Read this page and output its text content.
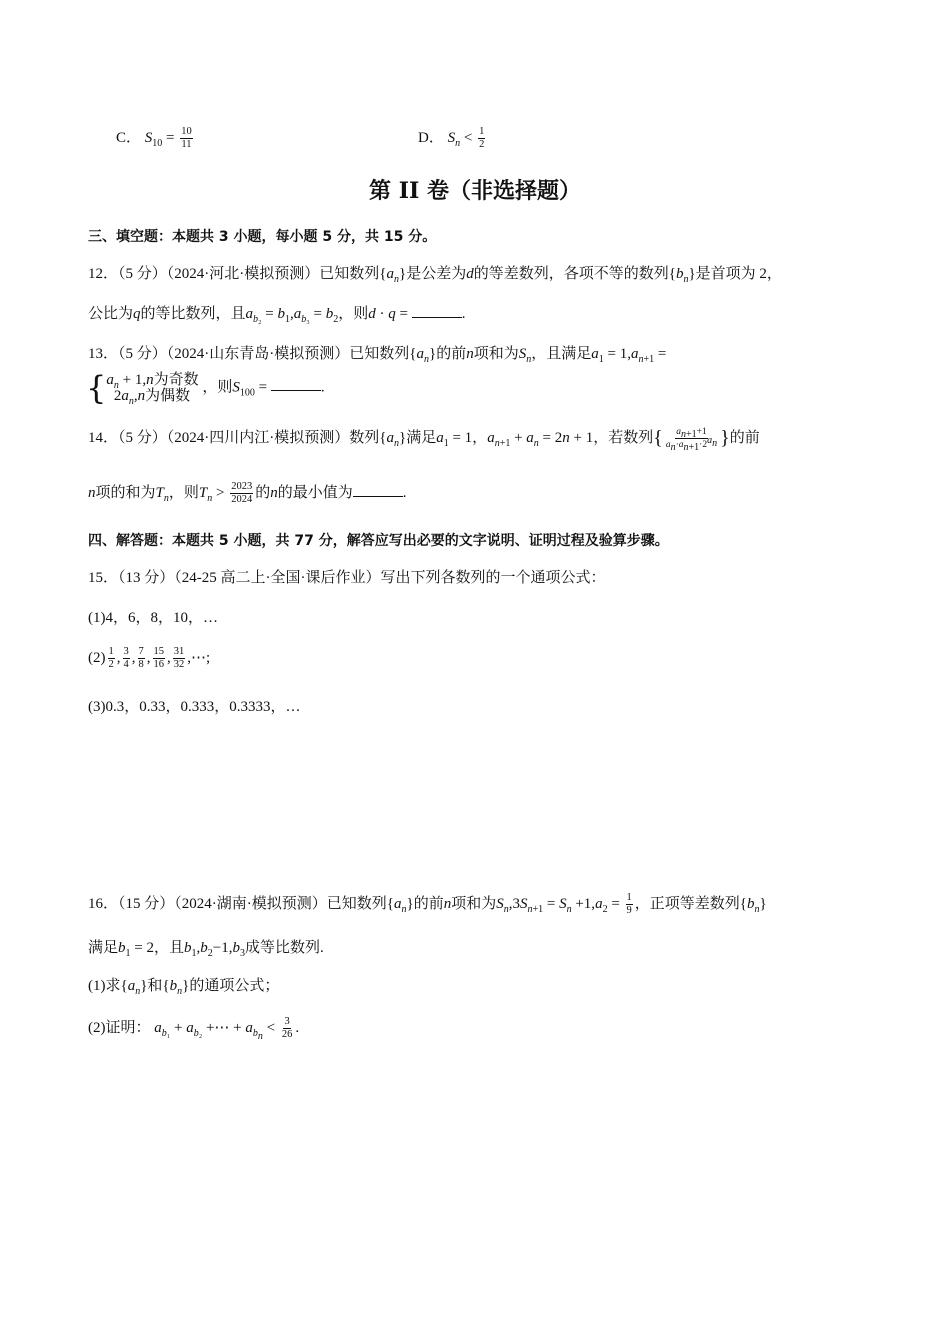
C． $S_{10} = \frac{10}{11}$	D． $S_n < \frac{1}{2}$
第 II 卷（非选择题）
三、填空题：本题共 3 小题，每小题 5 分，共 15 分。
12．（5 分）（2024·河北·模拟预测）已知数列$\{a_n\}$是公差为d的等差数列，各项不等的数列$\{b_n\}$是首项为 2，
公比为q的等比数列，且$a_{b_2} = b_1,a_{b_3} = b_2$，则d · q =	.
13．（5 分）（2024·山东青岛·模拟预测）已知数列$\{a_n\}$的前n项和为$S_n$，且满足$a_1 = 1,a_{n+1}$ =
{ $a_n + 1,n$为奇数
$2a_n,n$为偶数
，则$S_{100}$ =	.
14．（5 分）（2024·四川内江·模拟预测）数列$\{a_n\}$满足$a_1 = 1$，$a_{n+1} + a_n = 2n + 1$，若数列{ $\frac{a_{n+1}+1}{a_n\cdot a_{n+1}\cdot 2^{a_n}}$ }的前
n项的和为$T_n$，则$T_n > \frac{2023}{2024}$ 的n的最小值为	.
四、解答题：本题共 5 小题，共 77 分，解答应写出必要的文字说明、证明过程及验算步骤。
15．（13 分）（24-25 高二上·全国·课后作业）写出下列各数列的一个通项公式：
(1)4，6，8，10，…
$(2) \frac{1}{2}$ , $\frac{3}{4}$ , $\frac{7}{8}$ , $\frac{15}{16}$ , $\frac{31}{32}$ ,⋯;
(3)0.3，0.33，0.333，0.3333，…
16．（15 分）（2024·湖南·模拟预测）已知数列$\{a_n\}$的前n项和为$S_n,3S_{n+1} = S_n +1,a_2 = \frac{1}{9}$ ，正项等差数列$\{b_n\}$
满足$b_1 = 2$，且$b_1,b_2-1,b_3$成等比数列.
(1)求$\{a_n\}$和$\{b_n\}$的通项公式；
(2)证明： $a_{b_1} + a_{b_2}$ +⋯ + $a_{b_n} < \frac{3}{26}$ .
